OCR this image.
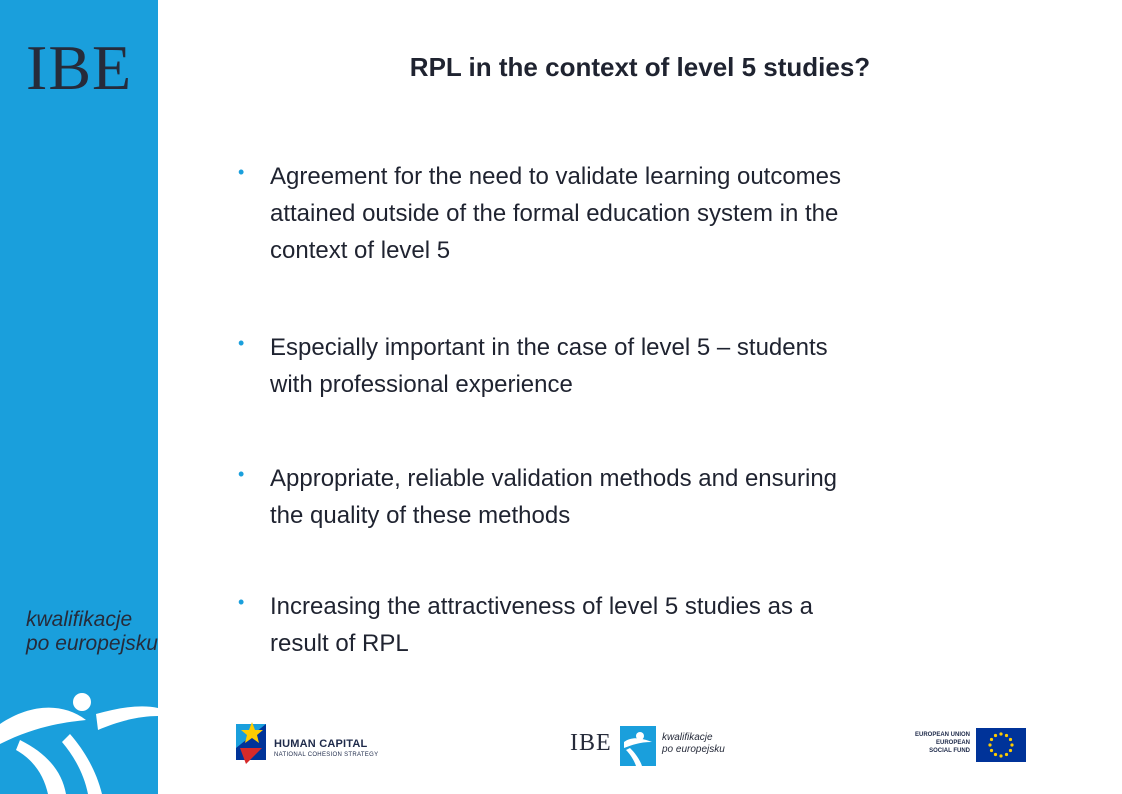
IBE
kwalifikacje
po europejsku
RPL in the context of level 5 studies?
• Agreement for the need to validate learning outcomes
attained outside of the formal education system in the
context of level 5
• Especially important in the case of level 5 – students
with professional experience
• Appropriate, reliable validation methods and ensuring
the quality of these methods
• Increasing the attractiveness of level 5 studies as a
result of RPL
HUMAN CAPITAL
NATIONAL COHESION STRATEGY	IBE	kwalifikacje
po europejsku
EUROPEAN UNION
EUROPEAN
SOCIAL FUND
